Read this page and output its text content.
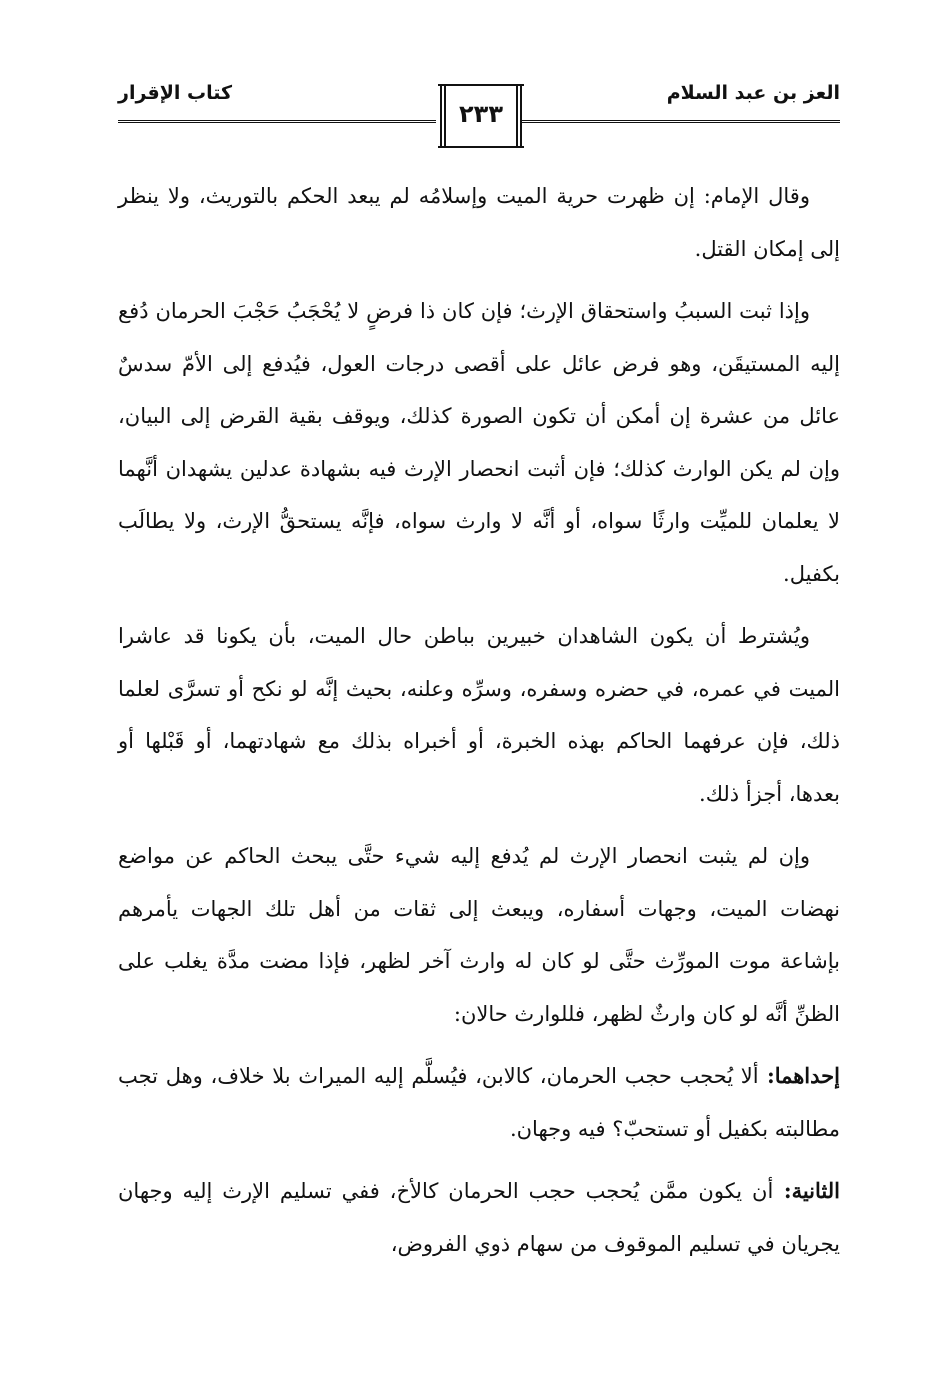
العز بن عبد السلام
٢٣٣
كتاب الإقرار

وقال الإمام: إن ظهرت حرية الميت وإسلامُه لم يبعد الحكم بالتوريث، ولا ينظر إلى إمكان القتل.

وإذا ثبت السببُ واستحقاق الإرث؛ فإن كان ذا فرضٍ لا يُحْجَبُ حَجْبَ الحرمان دُفع إليه المستيقَن، وهو فرض عائل على أقصى درجات العول، فيُدفع إلى الأمّ سدسٌ عائل من عشرة إن أمكن أن تكون الصورة كذلك، ويوقف بقية القرض إلى البيان، وإن لم يكن الوارث كذلك؛ فإن أثبت انحصار الإرث فيه بشهادة عدلين يشهدان أنَّهما لا يعلمان للميِّت وارثًا سواه، أو أنَّه لا وارث سواه، فإنَّه يستحقُّ الإرث، ولا يطالَب بكفيل.

ويُشترط أن يكون الشاهدان خبيرين بباطن حال الميت، بأن يكونا قد عاشرا الميت في عمره، في حضره وسفره، وسرِّه وعلنه، بحيث إنَّه لو نكح أو تسرَّى لعلما ذلك، فإن عرفهما الحاكم بهذه الخبرة، أو أخبراه بذلك مع شهادتهما، أو قَبْلها أو بعدها، أجزأ ذلك.

وإن لم يثبت انحصار الإرث لم يُدفع إليه شيء حتَّى يبحث الحاكم عن مواضع نهضات الميت، وجهات أسفاره، ويبعث إلى ثقات من أهل تلك الجهات يأمرهم بإشاعة موت المورِّث حتَّى لو كان له وارث آخر لظهر، فإذا مضت مدَّة يغلب على الظنِّ أنَّه لو كان وارثٌ لظهر، فللوارث حالان:

إحداهما: ألا يُحجب حجب الحرمان، كالابن، فيُسلَّم إليه الميراث بلا خلاف، وهل تجب مطالبته بكفيل أو تستحبّ؟ فيه وجهان.

الثانية: أن يكون ممَّن يُحجب حجب الحرمان كالأخ، ففي تسليم الإرث إليه وجهان يجريان في تسليم الموقوف من سهام ذوي الفروض،
